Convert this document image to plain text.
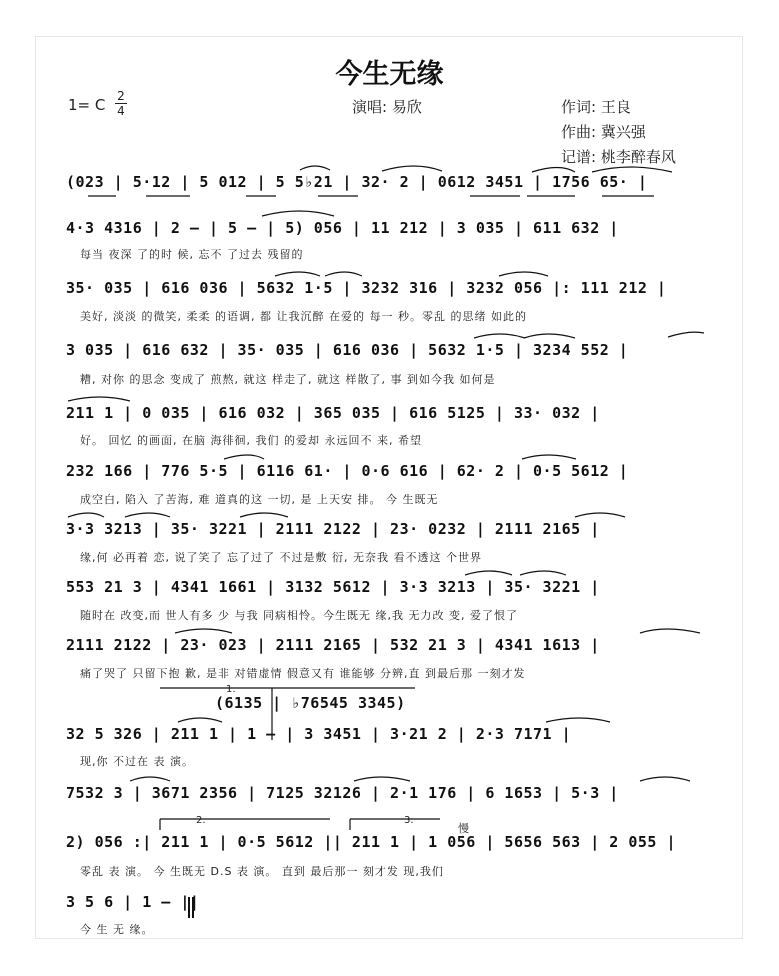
今生无缘
1= C 2
4	演唱: 易欣	作词: 王良
作曲: 冀兴强
记谱: 桃李醉春风
(023 | 5·12 | 5 012 | 5 5♭21 | 32· 2 | 0612 3451 | 1756 65· |
4·3 4316 | 2 – | 5 – | 5) 056 | 11 212 | 3 035 | 611 632 |
每当 夜深 了的时 候, 忘不 了过去 残留的
35· 035 | 616 036 | 5632 1·5 | 3232 316 | 3232 056 |: 111 212 |
美好, 淡淡 的微笑, 柔柔 的语调, 都 让我沉醉 在爱的 每一 秒。零乱 的思绪 如此的
3 035 | 616 632 | 35· 035 | 616 036 | 5632 1·5 | 3234 552 |
糟, 对你 的思念 变成了 煎熬, 就这 样走了, 就这 样散了, 事 到如今我 如何是
211 1 | 0 035 | 616 032 | 365 035 | 616 5125 | 33· 032 |
好。 回忆 的画面, 在脑 海徘徊, 我们 的爱却 永远回不 来, 希望
232 166 | 776 5·5 | 6116 61· | 0·6 616 | 62· 2 | 0·5 5612 |
成空白, 陷入 了苦海, 难 道真的这 一切, 是 上天安 排。 今 生既无
3·3 3213 | 35· 3221 | 2111 2122 | 23· 0232 | 2111 2165 |
缘,何 必再着 恋, 说了笑了 忘了过了 不过是敷 衍, 无奈我 看不透这 个世界
553 21 3 | 4341 1661 | 3132 5612 | 3·3 3213 | 35· 3221 |
随时在 改变,而 世人有多 少 与我 同病相怜。今生既无 缘,我 无力改 变, 爱了恨了
2111 2122 | 23· 023 | 2111 2165 | 532 21 3 | 4341 1613 |
痛了哭了 只留下抱 歉, 是非 对错虚情 假意又有 谁能够 分辨,直 到最后那 一刻才发
(6135 | ♭76545 3345)
32 5 326 | 211 1 | 1 – | 3 3451 | 3·21 2 | 2·3 7171 |
现,你 不过在 表 演。
7532 3 | 3671 2356 | 7125 32126 | 2·1 176 | 6 1653 | 5·3 |
2) 056 :| 211 1 | 0·5 5612 || 211 1 | 1 056 | 5656 563 | 2 055 |
零乱 表 演。 今 生既无 D.S 表 演。 直到 最后那一 刻才发 现,我们
3 5 6 | 1 – ||
今 生 无 缘。
1.
2.	3.
慢
